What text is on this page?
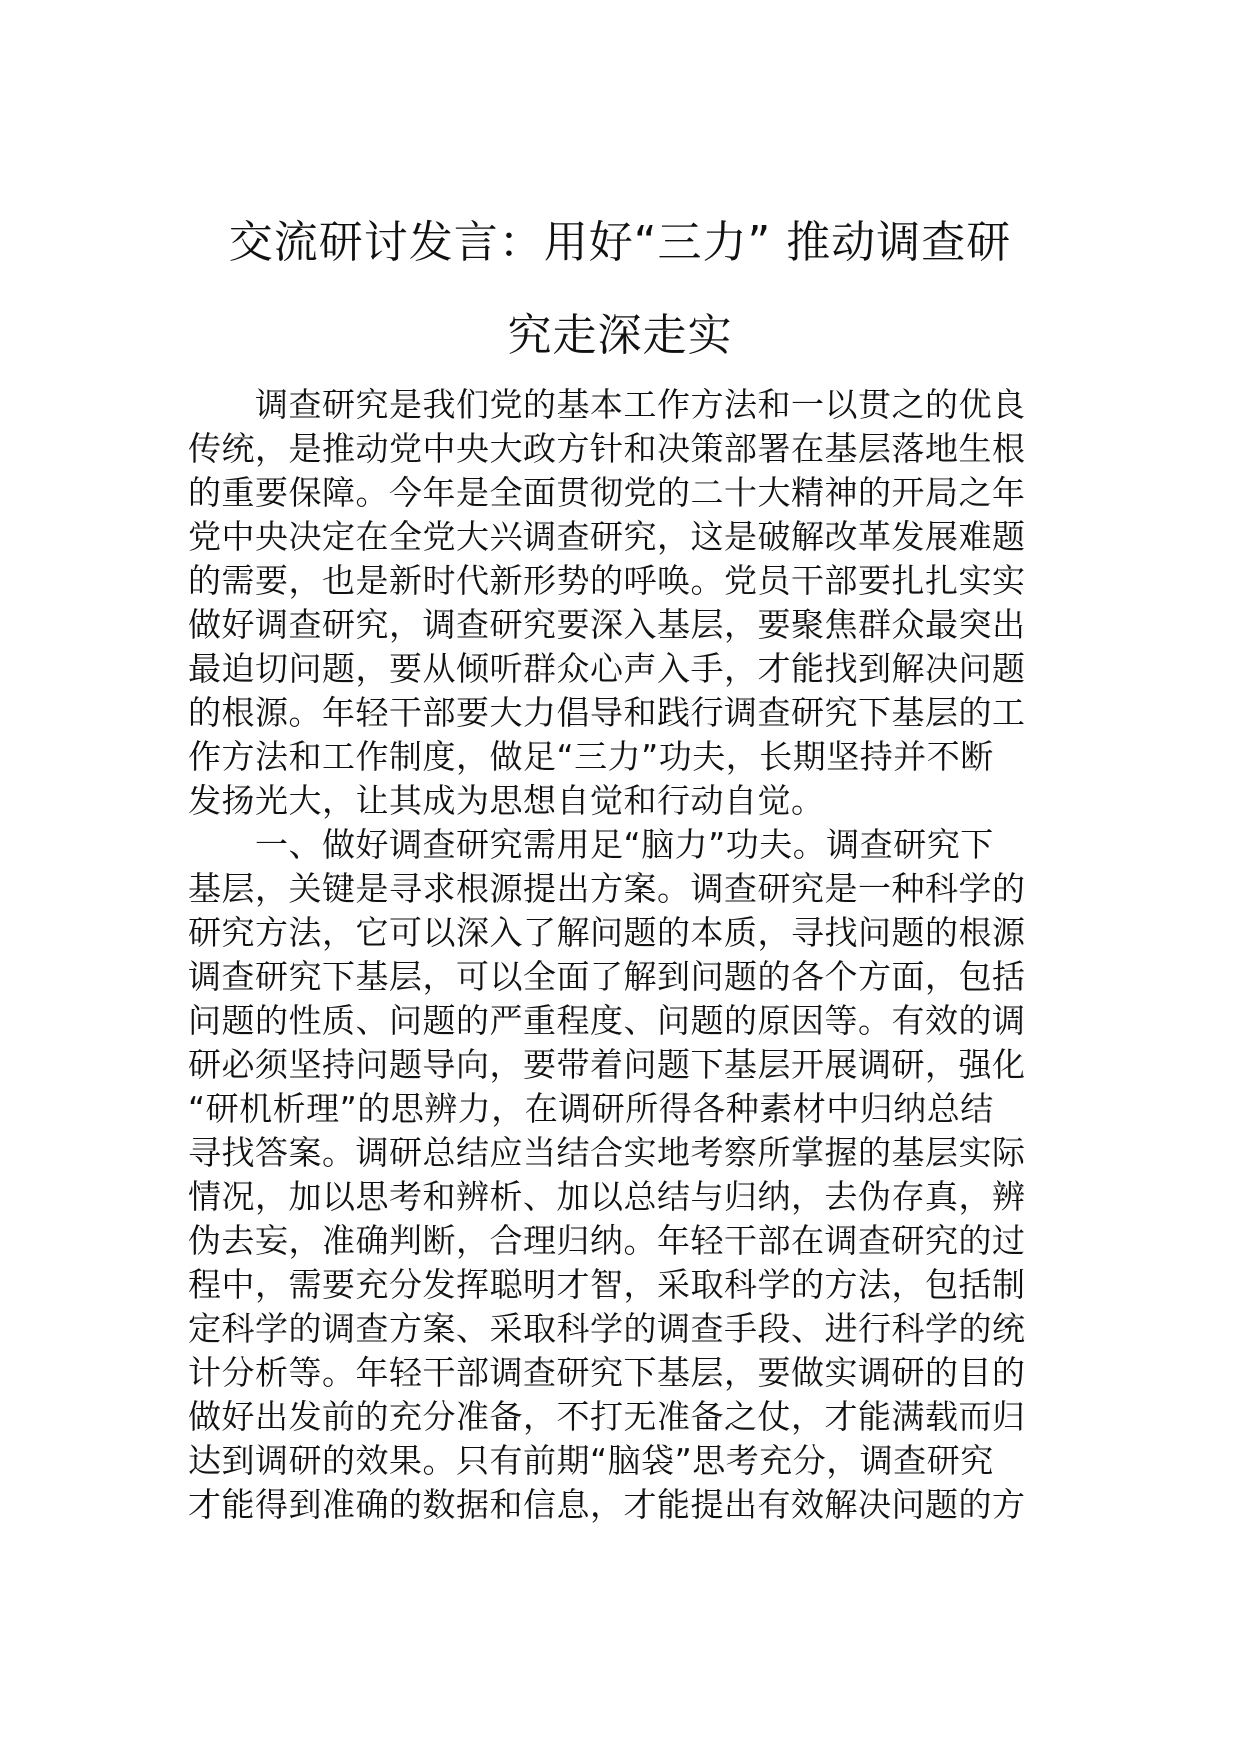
交流研讨发言：用好“三力” 推动调查研
究走深走实
调查研究是我们党的基本工作方法和一以贯之的优良
传统，是推动党中央大政方针和决策部署在基层落地生根
的重要保障。今年是全面贯彻党的二十大精神的开局之年
党中央决定在全党大兴调查研究，这是破解改革发展难题
的需要，也是新时代新形势的呼唤。党员干部要扎扎实实
做好调查研究，调查研究要深入基层，要聚焦群众最突出
最迫切问题，要从倾听群众心声入手，才能找到解决问题
的根源。年轻干部要大力倡导和践行调查研究下基层的工
作方法和工作制度，做足“三力”功夫，长期坚持并不断
发扬光大，让其成为思想自觉和行动自觉。
一、做好调查研究需用足“脑力”功夫。调查研究下
基层，关键是寻求根源提出方案。调查研究是一种科学的
研究方法，它可以深入了解问题的本质，寻找问题的根源
调查研究下基层，可以全面了解到问题的各个方面，包括
问题的性质、问题的严重程度、问题的原因等。有效的调
研必须坚持问题导向，要带着问题下基层开展调研，强化
“研机析理”的思辨力，在调研所得各种素材中归纳总结
寻找答案。调研总结应当结合实地考察所掌握的基层实际
情况，加以思考和辨析、加以总结与归纳，去伪存真，辨
伪去妄，准确判断，合理归纳。年轻干部在调查研究的过
程中，需要充分发挥聪明才智，采取科学的方法，包括制
定科学的调查方案、采取科学的调查手段、进行科学的统
计分析等。年轻干部调查研究下基层，要做实调研的目的
做好出发前的充分准备，不打无准备之仗，才能满载而归
达到调研的效果。只有前期“脑袋”思考充分，调查研究
才能得到准确的数据和信息，才能提出有效解决问题的方
